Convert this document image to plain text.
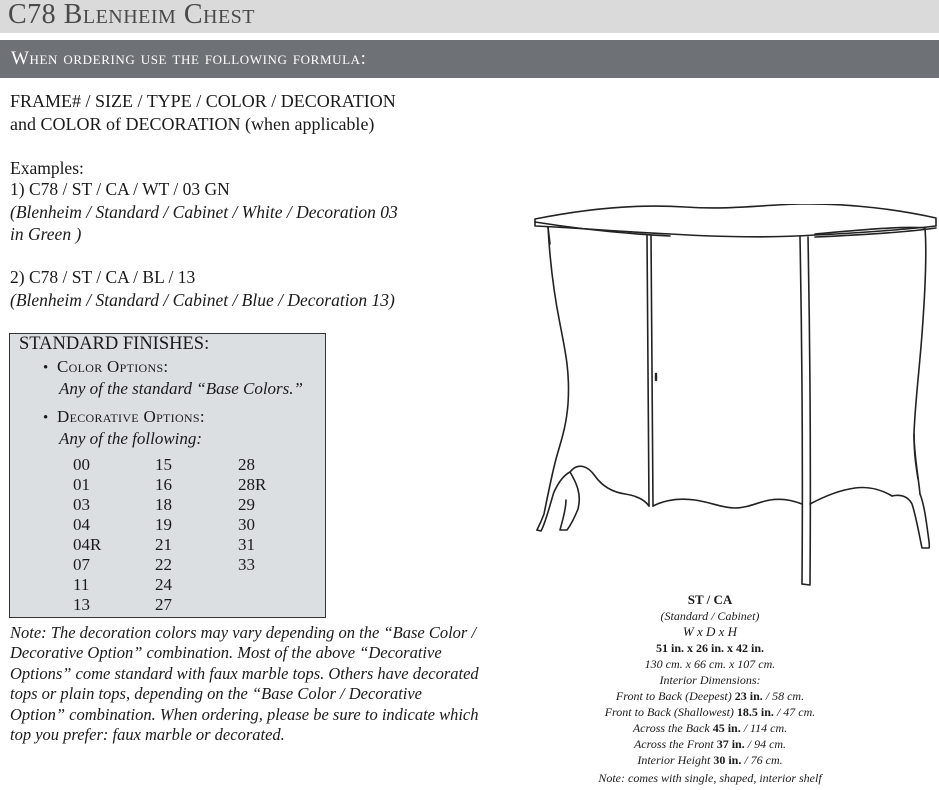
C78 Blenheim Chest
When ordering use the following formula:
FRAME# / SIZE / TYPE / COLOR / DECORATION
and COLOR of DECORATION (when applicable)
Examples:
1) C78 / ST / CA / WT / 03 GN
(Blenheim / Standard / Cabinet / White / Decoration 03
in Green )
2) C78 / ST / CA / BL / 13
(Blenheim / Standard / Cabinet / Blue / Decoration 13)
STANDARD FINISHES:
• Color Options:
Any of the standard “Base Colors.”
• Decorative Options:
Any of the following:
00
01
03
04
04R
07
11
13
15
16
18
19
21
22
24
27
28
28R
29
30
31
33
Note: The decoration colors may vary depending on the “Base Color / Decorative Option” combination. Most of the above “Decorative Options” come standard with faux marble tops. Others have decorated tops or plain tops, depending on the “Base Color / Decorative Option” combination. When ordering, please be sure to indicate which top you prefer: faux marble or decorated.
ST / CA
(Standard / Cabinet)
W x D x H
51 in. x 26 in. x 42 in.
130 cm. x 66 cm. x 107 cm.
Interior Dimensions:
Front to Back (Deepest) 23 in. / 58 cm.
Front to Back (Shallowest) 18.5 in. / 47 cm.
Across the Back 45 in. / 114 cm.
Across the Front 37 in. / 94 cm.
Interior Height 30 in. / 76 cm.
Note: comes with single, shaped, interior shelf
